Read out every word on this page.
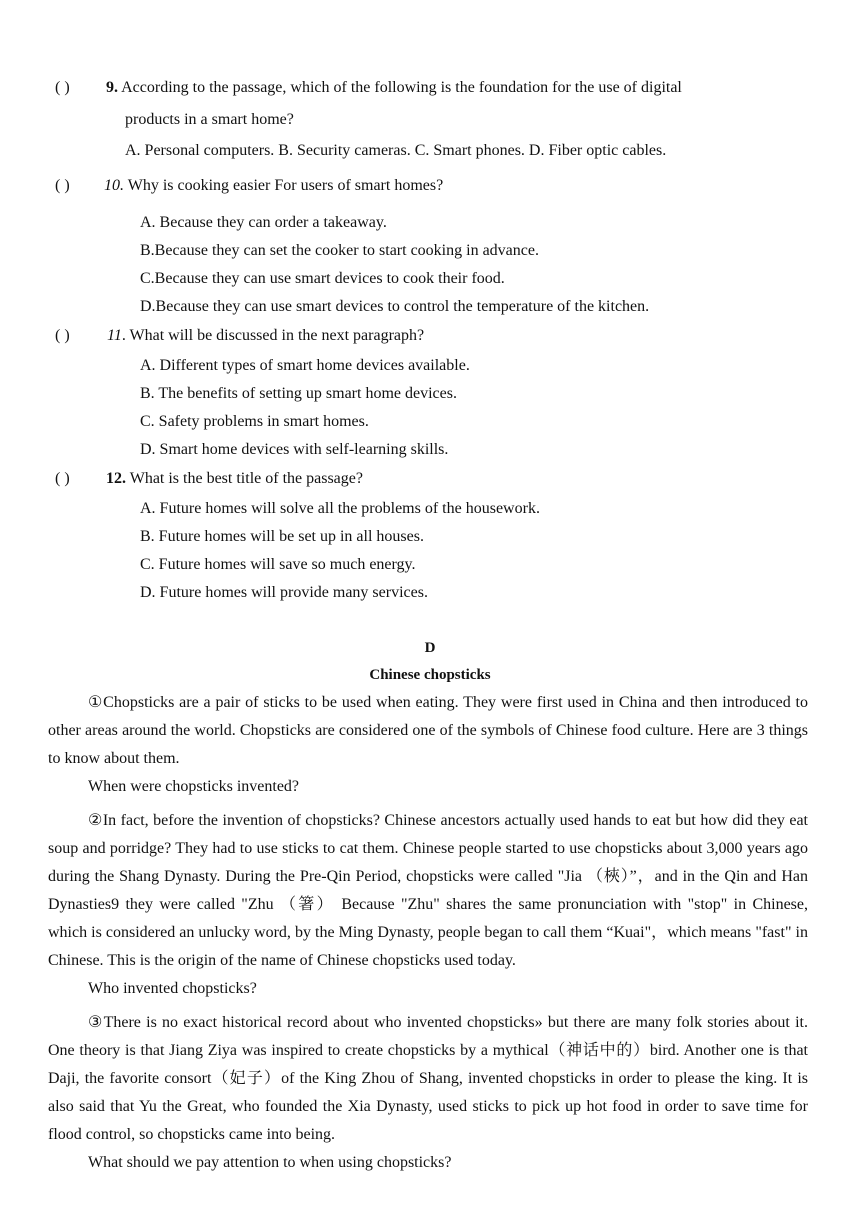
( ) 9. According to the passage, which of the following is the foundation for the use of digital
products in a smart home?
A. Personal computers. B. Security cameras. C. Smart phones. D. Fiber optic cables.
( ) 10. Why is cooking easier For users of smart homes?
A. Because they can order a takeaway.
B.Because they can set the cooker to start cooking in advance.
C.Because they can use smart devices to cook their food.
D.Because they can use smart devices to control the temperature of the kitchen.
( ) 11. What will be discussed in the next paragraph?
A. Different types of smart home devices available.
B. The benefits of setting up smart home devices.
C. Safety problems in smart homes.
D. Smart home devices with self-learning skills.
( ) 12. What is the best title of the passage?
A. Future homes will solve all the problems of the housework.
B. Future homes will be set up in all houses.
C. Future homes will save so much energy.
D. Future homes will provide many services.
D
Chinese chopsticks

①Chopsticks are a pair of sticks to be used when eating. They were first used in China and then introduced to other areas around the world. Chopsticks are considered one of the symbols of Chinese food culture. Here are 3 things to know about them.

When were chopsticks invented?

②In fact, before the invention of chopsticks? Chinese ancestors actually used hands to eat but how did they eat soup and porridge? They had to use sticks to cat them. Chinese people started to use chopsticks about 3,000 years ago during the Shang Dynasty. During the Pre-Qin Period, chopsticks were called "Jia （梜）”，and in the Qin and Han Dynasties9 they were called "Zhu （箸） Because "Zhu" shares the same pronunciation with "stop" in Chinese, which is considered an unlucky word, by the Ming Dynasty, people began to call them “Kuai"，which means "fast" in Chinese. This is the origin of the name of Chinese chopsticks used today.

Who invented chopsticks?

③There is no exact historical record about who invented chopsticks» but there are many folk stories about it. One theory is that Jiang Ziya was inspired to create chopsticks by a mythical（神话中的）bird. Another one is that Daji, the favorite consort（妃子）of the King Zhou of Shang, invented chopsticks in order to please the king. It is also said that Yu the Great, who founded the Xia Dynasty, used sticks to pick up hot food in order to save time for flood control, so chopsticks came into being.

What should we pay attention to when using chopsticks?
